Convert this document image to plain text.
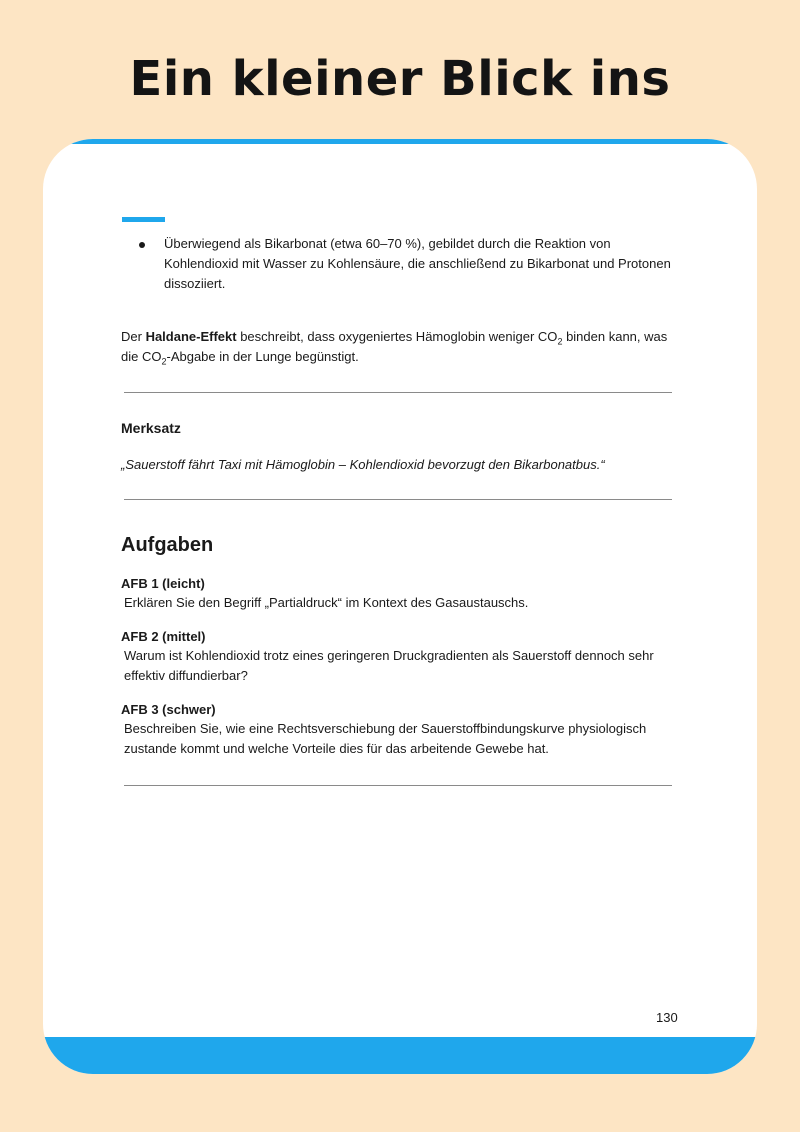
Ein kleiner Blick ins
Überwiegend als Bikarbonat (etwa 60–70 %), gebildet durch die Reaktion von Kohlendioxid mit Wasser zu Kohlensäure, die anschließend zu Bikarbonat und Protonen dissoziiert.
Der Haldane-Effekt beschreibt, dass oxygeniertes Hämoglobin weniger $CO_2$ binden kann, was die $CO_2$-Abgabe in der Lunge begünstigt.
Merksatz
„Sauerstoff fährt Taxi mit Hämoglobin – Kohlendioxid bevorzugt den Bikarbonatbus.“
Aufgaben
AFB 1 (leicht)
Erklären Sie den Begriff „Partialdruck“ im Kontext des Gasaustauschs.
AFB 2 (mittel)
Warum ist Kohlendioxid trotz eines geringeren Druckgradienten als Sauerstoff dennoch sehr effektiv diffundierbar?
AFB 3 (schwer)
Beschreiben Sie, wie eine Rechtsverschiebung der Sauerstoffbindungskurve physiologisch zustande kommt und welche Vorteile dies für das arbeitende Gewebe hat.
130
